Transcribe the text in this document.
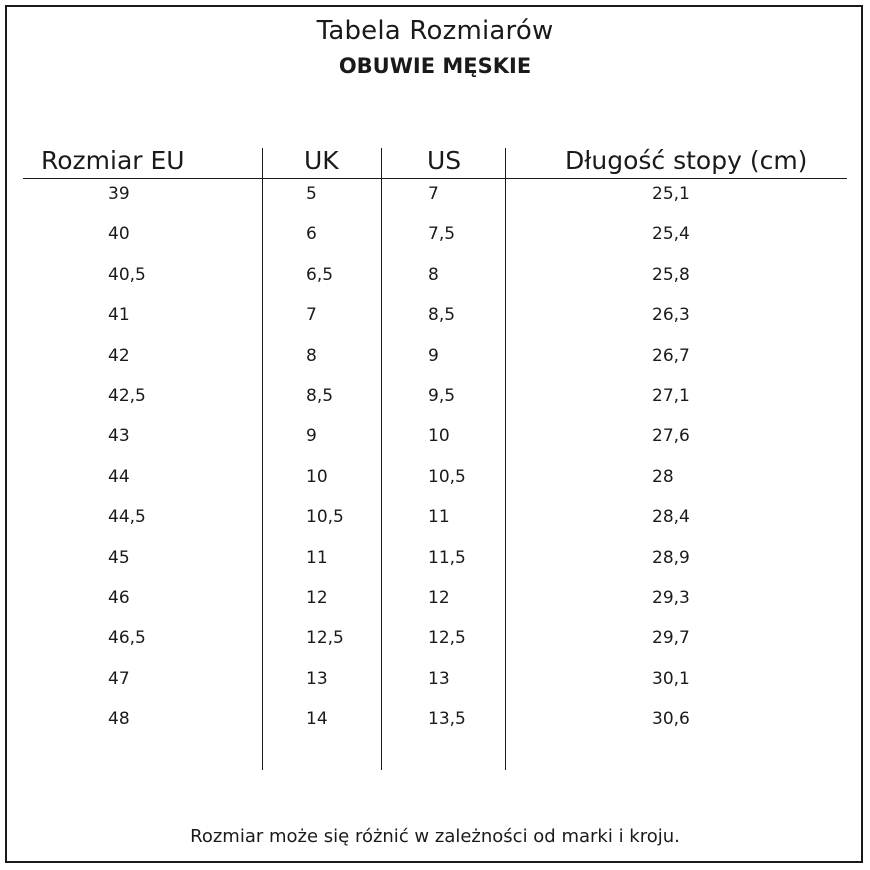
Tabela Rozmiarów
OBUWIE MĘSKIE
Rozmiar EU	UK	US	Długość stopy (cm)
39	5	7	25,1
40	6	7,5	25,4
40,5	6,5	8	25,8
41	7	8,5	26,3
42	8	9	26,7
42,5	8,5	9,5	27,1
43	9	10	27,6
44	10	10,5	28
44,5	10,5	11	28,4
45	11	11,5	28,9
46	12	12	29,3
46,5	12,5	12,5	29,7
47	13	13	30,1
48	14	13,5	30,6
Rozmiar może się różnić w zależności od marki i kroju.
